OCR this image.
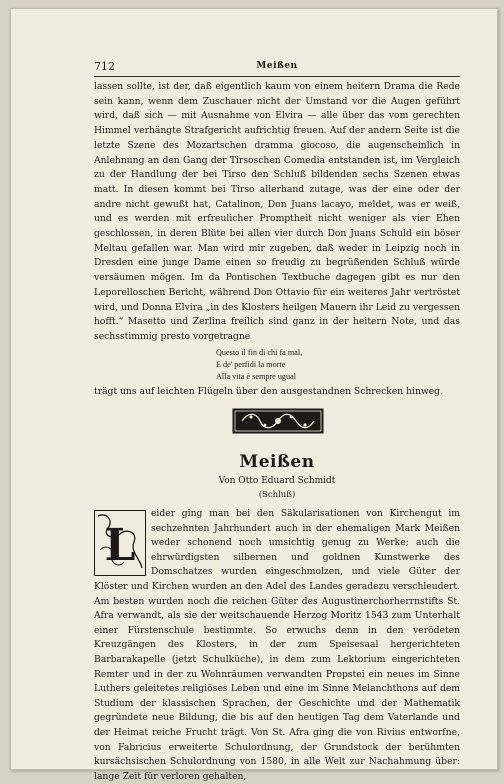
712	Meißen

lassen sollte, ist der, daß eigentlich kaum von einem heitern Drama die Rede sein kann, wenn dem Zuschauer nicht der Umstand vor die Augen geführt wird, daß sich — mit Ausnahme von Elvira — alle über das vom gerechten Himmel verhängte Strafgericht aufrichtig freuen. Auf der andern Seite ist die letzte Szene des Mozartschen dramma giocoso, die augenscheinlich in Anlehnung an den Gang der Tirsoschen Comedia entstanden ist, im Vergleich zu der Handlung der bei Tirso den Schluß bildenden sechs Szenen etwas matt. In diesen kommt bei Tirso allerhand zutage, was der eine oder der andre nicht gewußt hat, Catalinon, Don Juans lacayo, meldet, was er weiß, und es werden mit erfreulicher Promptheit nicht weniger als vier Ehen geschlossen, in deren Blüte bei allen vier durch Don Juans Schuld ein böser Meltau gefallen war. Man wird mir zugeben, daß weder in Leipzig noch in Dresden eine junge Dame einen so freudig zu begrüßenden Schluß würde versäumen mögen. Im da Pontischen Textbuche dagegen gibt es nur den Leporelloschen Bericht, während Don Ottavio für ein weiteres Jahr vertröstet wird, und Donna Elvira „in des Klosters heilgen Mauern ihr Leid zu vergessen hofft.“ Masetto und Zerlina freilich sind ganz in der heitern Note, und das sechsstimmig presto vorgetragne

Questo il fin di chi fa mal,
E de' perfidi la morte
Alla vita è sempre ugual

trägt uns auf leichten Flügeln über den ausgestandnen Schrecken hinweg.

Meißen
Von Otto Eduard Schmidt
(Schluß)
L

eider ging man bei den Säkularisationen von Kirchengut im sechzehnten Jahrhundert auch in der ehemaligen Mark Meißen weder schonend noch umsichtig genug zu Werke; auch die ehrwürdigsten silbernen und goldnen Kunstwerke des Domschatzes wurden eingeschmolzen, und viele Güter der Klöster und Kirchen wurden an den Adel des Landes geradezu verschleudert. Am besten wurden noch die reichen Güter des Augustinerchorherrnstifts St. Afra verwandt, als sie der weitschauende Herzog Moritz 1543 zum Unterhalt einer Fürstenschule bestimmte. So erwuchs denn in den verödeten Kreuzgängen des Klosters, in der zum Speisesaal hergerichteten Barbarakapelle (jetzt Schulküche), in dem zum Lektorium eingerichteten Remter und in der zu Wohnräumen verwandten Propstei ein neues im Sinne Luthers geleitetes religiöses Leben und eine im Sinne Melanchthons auf dem Studium der klassischen Sprachen, der Geschichte und der Mathematik gegründete neue Bildung, die bis auf den heutigen Tag dem Vaterlande und der Heimat reiche Frucht trägt. Von St. Afra ging die von Rivius entworfne, von Fabricius erweiterte Schulordnung, der Grundstock der berühmten kursächsischen Schulordnung von 1580, in alle Welt zur Nachahmung über: lange Zeit für verloren gehalten,
